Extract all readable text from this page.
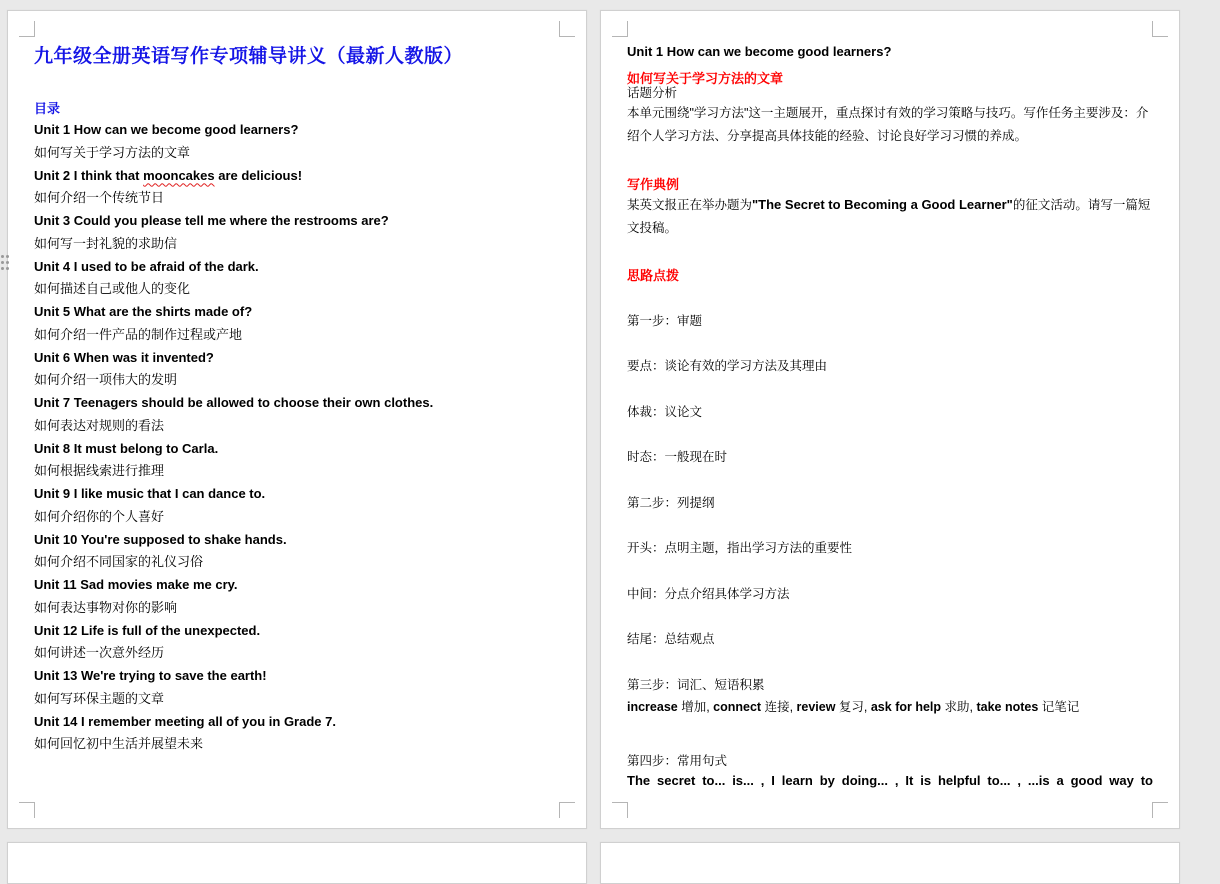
九年级全册英语写作专项辅导讲义（最新人教版）
目录
Unit 1 How can we become good learners?
如何写关于学习方法的文章
Unit 2 I think that mooncakes are delicious!
如何介绍一个传统节日
Unit 3 Could you please tell me where the restrooms are?
如何写一封礼貌的求助信
Unit 4 I used to be afraid of the dark.
如何描述自己或他人的变化
Unit 5 What are the shirts made of?
如何介绍一件产品的制作过程或产地
Unit 6 When was it invented?
如何介绍一项伟大的发明
Unit 7 Teenagers should be allowed to choose their own clothes.
如何表达对规则的看法
Unit 8 It must belong to Carla.
如何根据线索进行推理
Unit 9 I like music that I can dance to.
如何介绍你的个人喜好
Unit 10 You're supposed to shake hands.
如何介绍不同国家的礼仪习俗
Unit 11 Sad movies make me cry.
如何表达事物对你的影响
Unit 12 Life is full of the unexpected.
如何讲述一次意外经历
Unit 13 We're trying to save the earth!
如何写环保主题的文章
Unit 14 I remember meeting all of you in Grade 7.
如何回忆初中生活并展望未来
Unit 1 How can we become good learners?
如何写关于学习方法的文章
话题分析
本单元围绕"学习方法"这一主题展开，重点探讨有效的学习策略与技巧。写作任务主要涉及：介绍个人学习方法、分享提高具体技能的经验、讨论良好学习习惯的养成。
写作典例
某英文报正在举办题为"The Secret to Becoming a Good Learner"的征文活动。请写一篇短文投稿。
思路点拨
第一步：审题
要点：谈论有效的学习方法及其理由
体裁：议论文
时态：一般现在时
第二步：列提纲
开头：点明主题，指出学习方法的重要性
中间：分点介绍具体学习方法
结尾：总结观点
第三步：词汇、短语积累
increase 增加, connect 连接, review 复习, ask for help 求助, take notes 记笔记
第四步：常用句式
The secret to... is... , I learn by doing... , It is helpful to... , ...is a good way to
